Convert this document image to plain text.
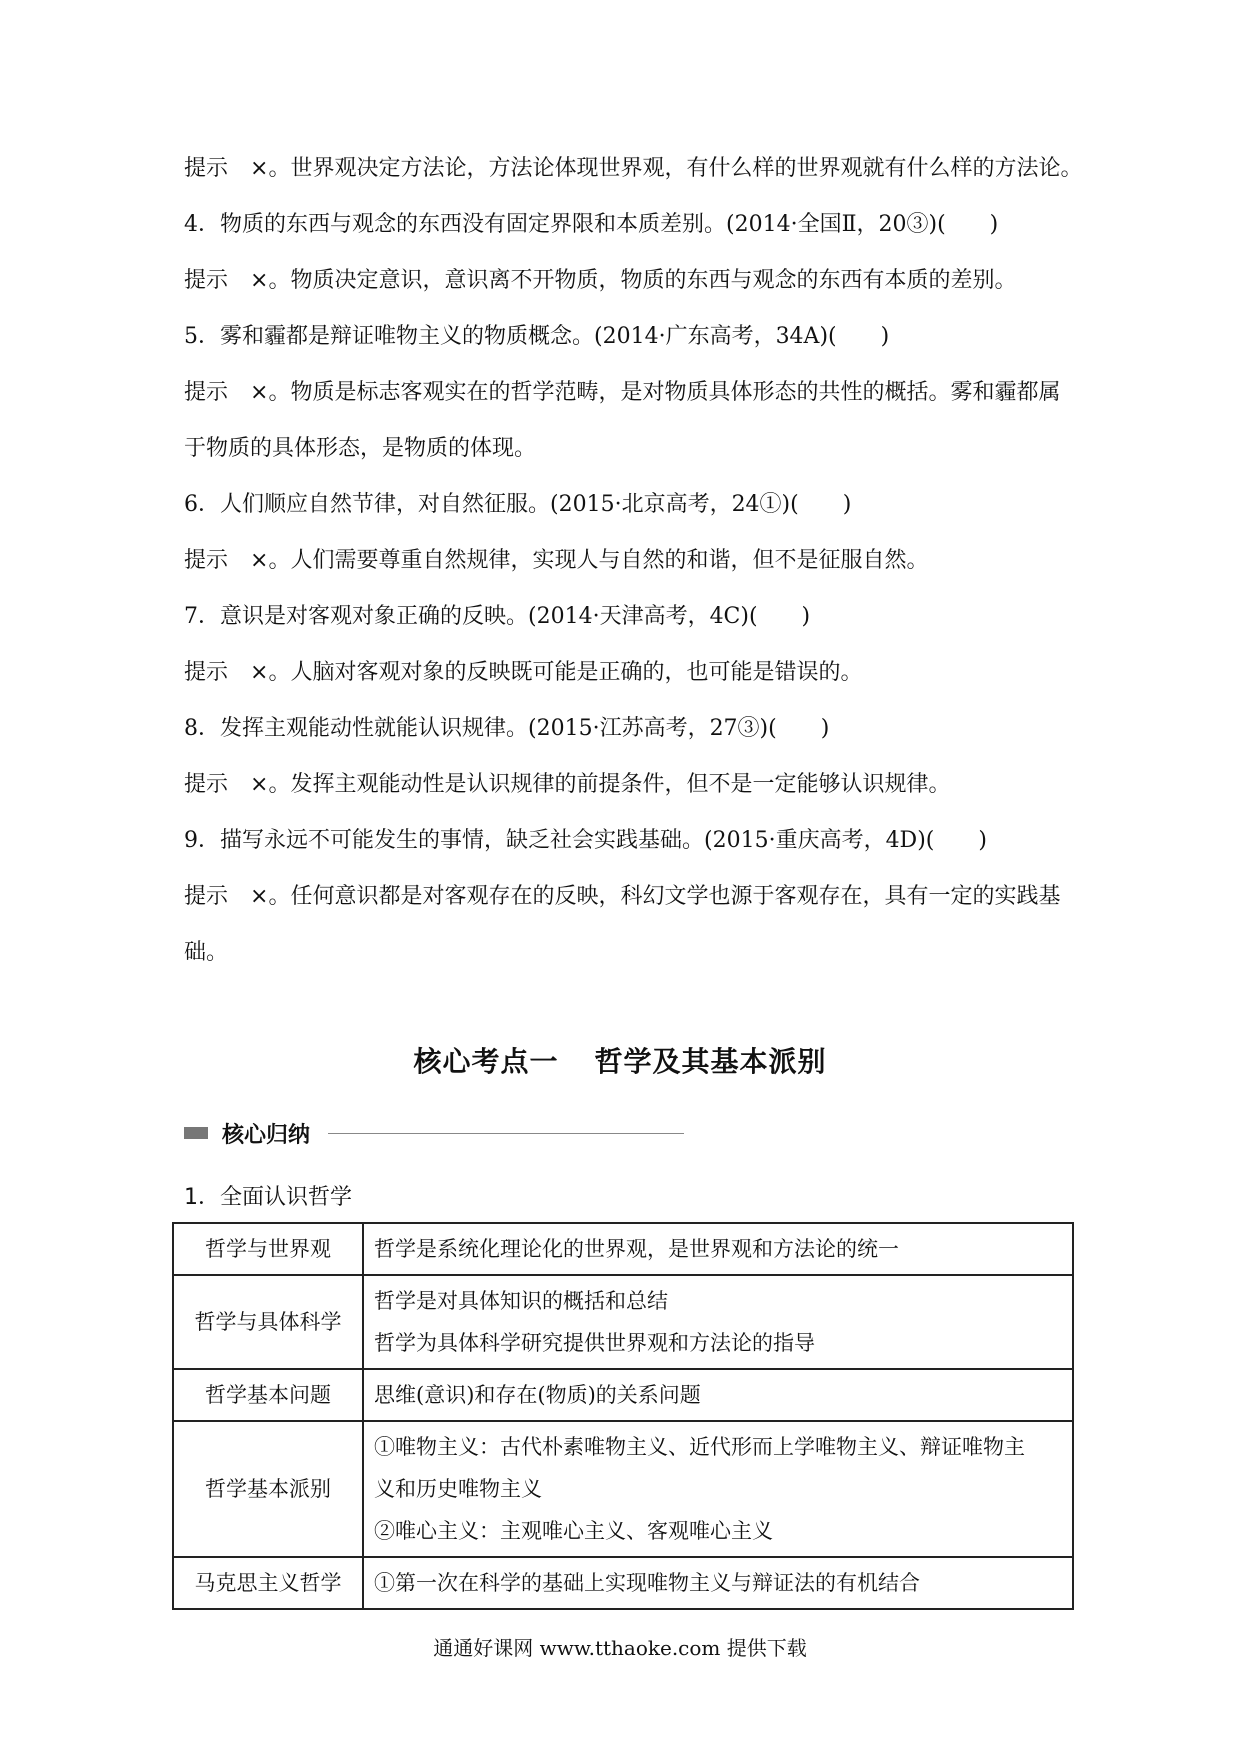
提示 ×。世界观决定方法论，方法论体现世界观，有什么样的世界观就有什么样的方法论。
4．物质的东西与观念的东西没有固定界限和本质差别。(2014·全国Ⅱ，20③)(　　)
提示 ×。物质决定意识，意识离不开物质，物质的东西与观念的东西有本质的差别。
5．雾和霾都是辩证唯物主义的物质概念。(2014·广东高考，34A)(　　)
提示 ×。物质是标志客观实在的哲学范畴，是对物质具体形态的共性的概括。雾和霾都属
于物质的具体形态，是物质的体现。
6．人们顺应自然节律，对自然征服。(2015·北京高考，24①)(　　)
提示 ×。人们需要尊重自然规律，实现人与自然的和谐，但不是征服自然。
7．意识是对客观对象正确的反映。(2014·天津高考，4C)(　　)
提示 ×。人脑对客观对象的反映既可能是正确的，也可能是错误的。
8．发挥主观能动性就能认识规律。(2015·江苏高考，27③)(　　)
提示 ×。发挥主观能动性是认识规律的前提条件，但不是一定能够认识规律。
9．描写永远不可能发生的事情，缺乏社会实践基础。(2015·重庆高考，4D)(　　)
提示 ×。任何意识都是对客观存在的反映，科幻文学也源于客观存在，具有一定的实践基
础。
核心考点一 哲学及其基本派别
核心归纳
1．全面认识哲学
哲学与世界观	哲学是系统化理论化的世界观，是世界观和方法论的统一

哲学与具体科学	哲学是对具体知识的概括和总结
哲学为具体科学研究提供世界观和方法论的指导

哲学基本问题	思维(意识)和存在(物质)的关系问题

哲学基本派别	①唯物主义：古代朴素唯物主义、近代形而上学唯物主义、辩证唯物主
义和历史唯物主义
②唯心主义：主观唯心主义、客观唯心主义

马克思主义哲学	①第一次在科学的基础上实现唯物主义与辩证法的有机结合
通通好课网 www.tthaoke.com 提供下载
